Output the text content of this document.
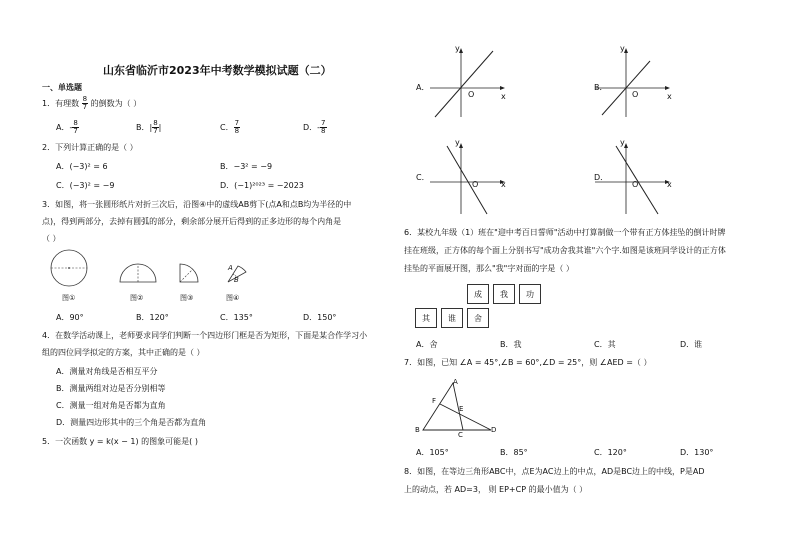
山东省临沂市2023年中考数学模拟试题（二）
一、单选题
1．有理数 $\frac{8}{7}$ 的倒数为（ ）
A．- $\frac{8}{7}$	B．| $\frac{8}{7}$ |	C． $\frac{7}{8}$	D．- $\frac{7}{8}$
2．下列计算正确的是（ ）
A．(−3)² = 6	B．−3² = −9
C．(−3)² = −9	D．(−1)²⁰²³ = −2023
3．如图，将一张圆形纸片对折三次后，沿图④中的虚线AB剪下(点A和点B均为半径的中
点)，得到两部分，去掉有圆弧的部分，剩余部分展开后得到的正多边形的每个内角是
（ ）
A
B
图①	图②	图③	图④
A．90°	B．120°	C．135°	D．150°
4．在数学活动课上，老师要求同学们判断一个四边形门框是否为矩形，下面是某合作学习小
组的四位同学拟定的方案，其中正确的是（ ）
A．测量对角线是否相互平分
B．测量两组对边是否分别相等
C．测量一组对角是否都为直角
D．测量四边形其中的三个角是否都为直角
5．一次函数 y = k(x − 1) 的图象可能是( )
A．	B．
C．	D．
y
x
O
y
x
O
y
x
O
y
x
O
6．某校九年级（1）班在"迎中考百日誓师"活动中打算制做一个带有正方体挂坠的倒计时牌
挂在班级，正方体的每个面上分别书写"成功舍我其谁"六个字.如图是该班同学设计的正方体
挂坠的平面展开图，那么"我"字对面的字是（ ）
成	我	功
其	谁	舍
A．舍	B．我	C．其	D．谁
7．如图，已知 ∠A = 45°,∠B = 60°,∠D = 25°，则 ∠AED =（ ）
A
F
E
B
C
D
A．105°	B．85°	C．120°	D．130°
8．如图，在等边三角形ABC中，点E为AC边上的中点，AD是BC边上的中线，P是AD
上的动点，若 AD=3， 则 EP+CP 的最小值为（ ）
